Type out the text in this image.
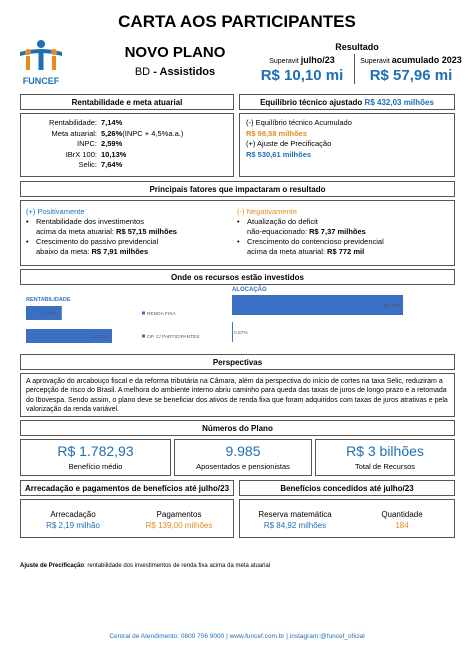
CARTA AOS PARTICIPANTES
FUNCEF
NOVO PLANO
BD - Assistidos
Resultado
Superavit julho/23	Superavit acumulado 2023
R$ 10,10 mi	R$ 57,96 mi
Rentabilidade e meta atuarial
Rentabilidade: 7,14%
Meta atuarial: 5,26% (INPC + 4,5%a.a.)
INPC: 2,59%
IBrX 100: 10,13%
Selic: 7,64%
Equilíbrio técnico ajustado
R$ 432,03 milhões
(-) Equilíbrio técnico Acumulado
R$ 98,58 milhões
(+) Ajuste de Precificação
R$ 530,61 milhões
Principais fatores que impactaram o resultado
(+) Positivamente
• Rentabilidade dos investimentos
acima da meta atuarial: R$ 57,15 milhões
• Crescimento do passivo previdencial
abaixo da meta: R$ 7,91 milhões
(-) Negativamente
• Atualização do deficit
não-equacionado: R$ 7,37 milhões
• Crescimento do contencioso previdencial
acima da meta atuarial: R$ 772 mil
Onde os recursos estão investidos
RENTABILIDADE
7,09%	RENDA FIXA
17,03%	OP. C/ PARTICIPANTES
ALOCAÇÃO
99,43%
0,57%
Perspectivas
A aprovação do arcabouço fiscal e da reforma tributária na Câmara, além da perspectiva do início de cortes na taxa Selic, reduziram a percepção de risco do Brasil. A melhora do ambiente interno abriu caminho para queda das taxas de juros de longo prazo e a retomada do Ibovespa. Sendo assim, o plano deve se beneficiar dos ativos de renda fixa que foram adquiridos com taxas de juros atrativas e pela valorização da renda variável.
Números do Plano
R$ 1.782,93
Benefício médio
9.985
Aposentados e pensionistas
R$ 3 bilhões
Total de Recursos
Arrecadação e pagamentos de benefícios até julho/23
Arrecadação
R$ 2,19 milhão
Pagamentos
R$ 139,00 milhões
Benefícios concedidos até julho/23
Reserva matemática
R$ 84,92 milhões
Quantidade
184
Ajuste de Precificação: rentabilidade dos investimentos de renda fixa acima da meta atuarial
Central de Atendimento: 0800 706 9000 | www.funcef.com.br | instagram:@funcef_oficial
